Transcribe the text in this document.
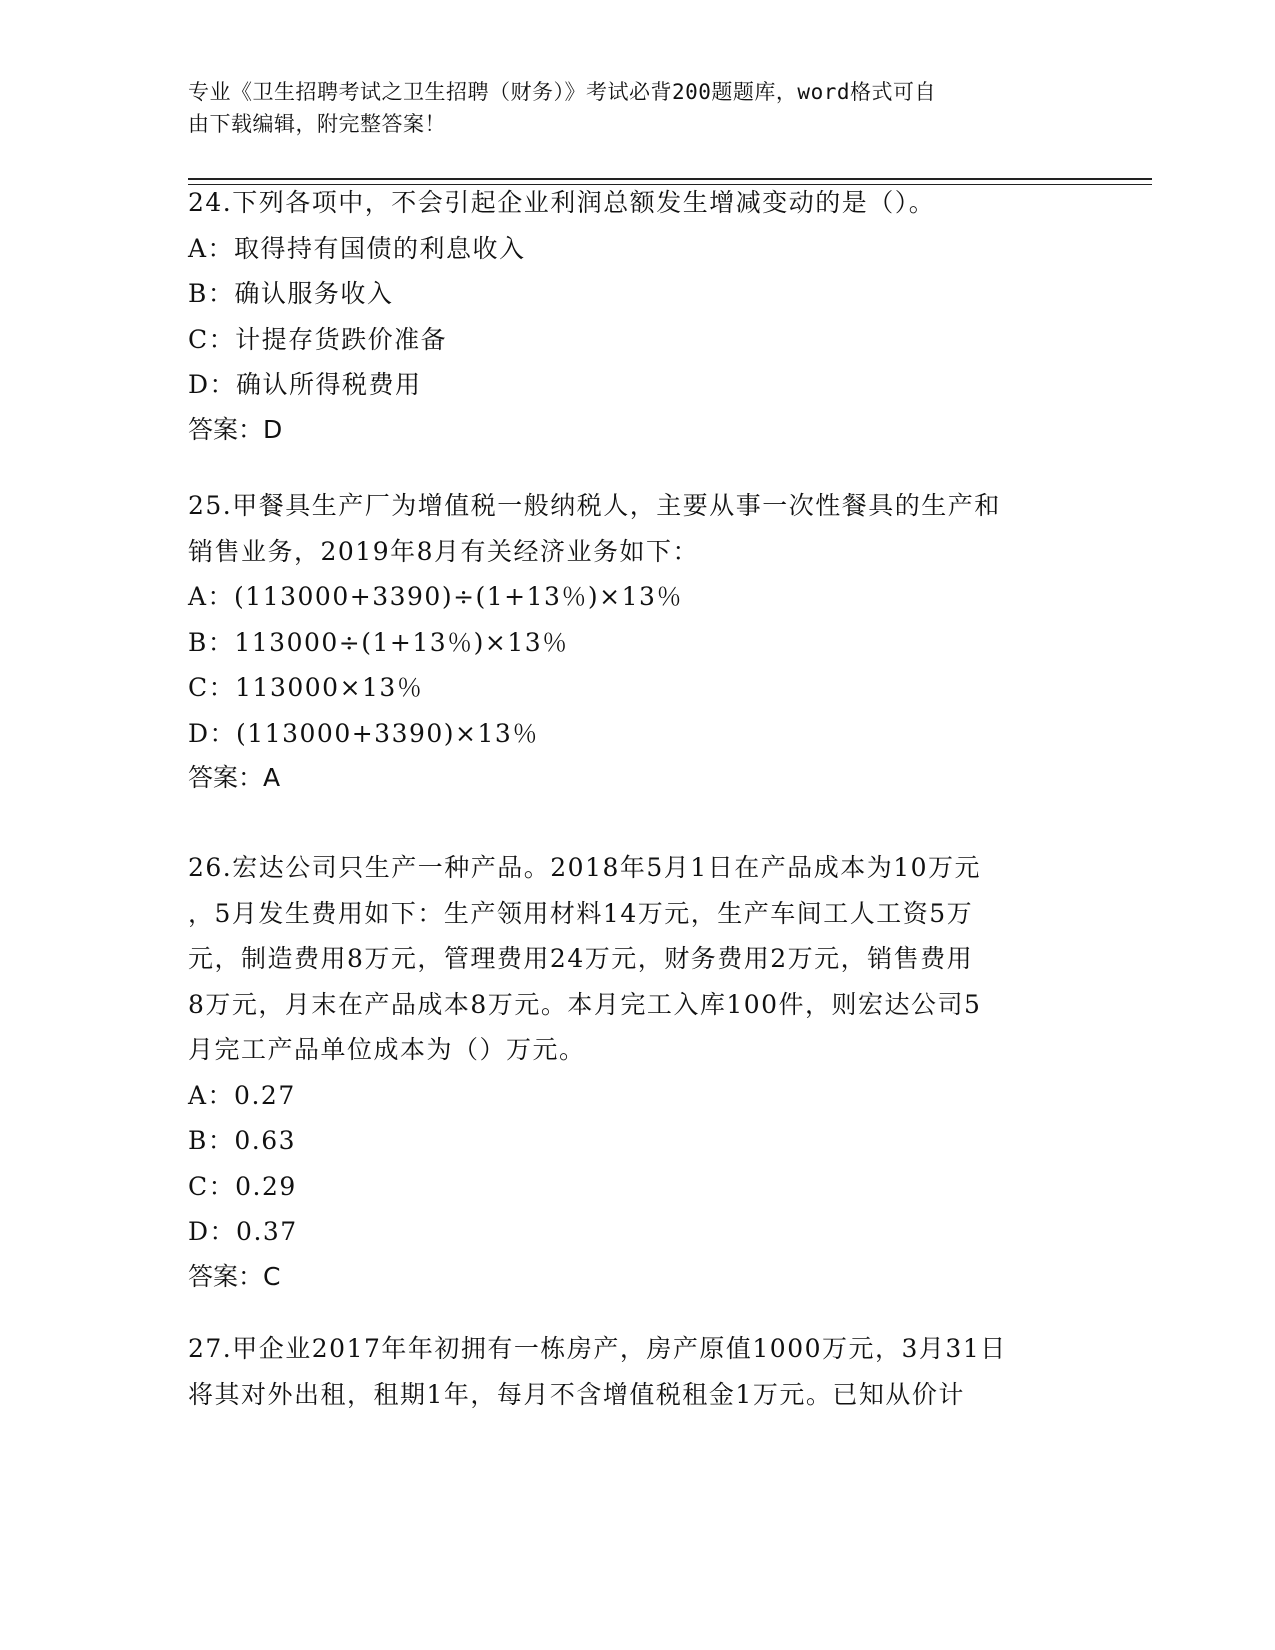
专业《卫生招聘考试之卫生招聘（财务）》考试必背200题题库，word格式可自
由下载编辑，附完整答案！

24.下列各项中，不会引起企业利润总额发生增减变动的是（）。

A：取得持有国债的利息收入

B：确认服务收入

C：计提存货跌价准备

D：确认所得税费用

答案：D

25.甲餐具生产厂为增值税一般纳税人，主要从事一次性餐具的生产和

销售业务，2019年8月有关经济业务如下：

A：(113000+3390)÷(1+13％)×13％

B：113000÷(1+13％)×13％

C：113000×13％

D：(113000+3390)×13％

答案：A

26.宏达公司只生产一种产品。2018年5月1日在产品成本为10万元

，5月发生费用如下：生产领用材料14万元，生产车间工人工资5万

元，制造费用8万元，管理费用24万元，财务费用2万元，销售费用

8万元，月末在产品成本8万元。本月完工入库100件，则宏达公司5

月完工产品单位成本为（）万元。

A：0.27

B：0.63

C：0.29

D：0.37

答案：C

27.甲企业2017年年初拥有一栋房产，房产原值1000万元，3月31日

将其对外出租，租期1年，每月不含增值税租金1万元。已知从价计
